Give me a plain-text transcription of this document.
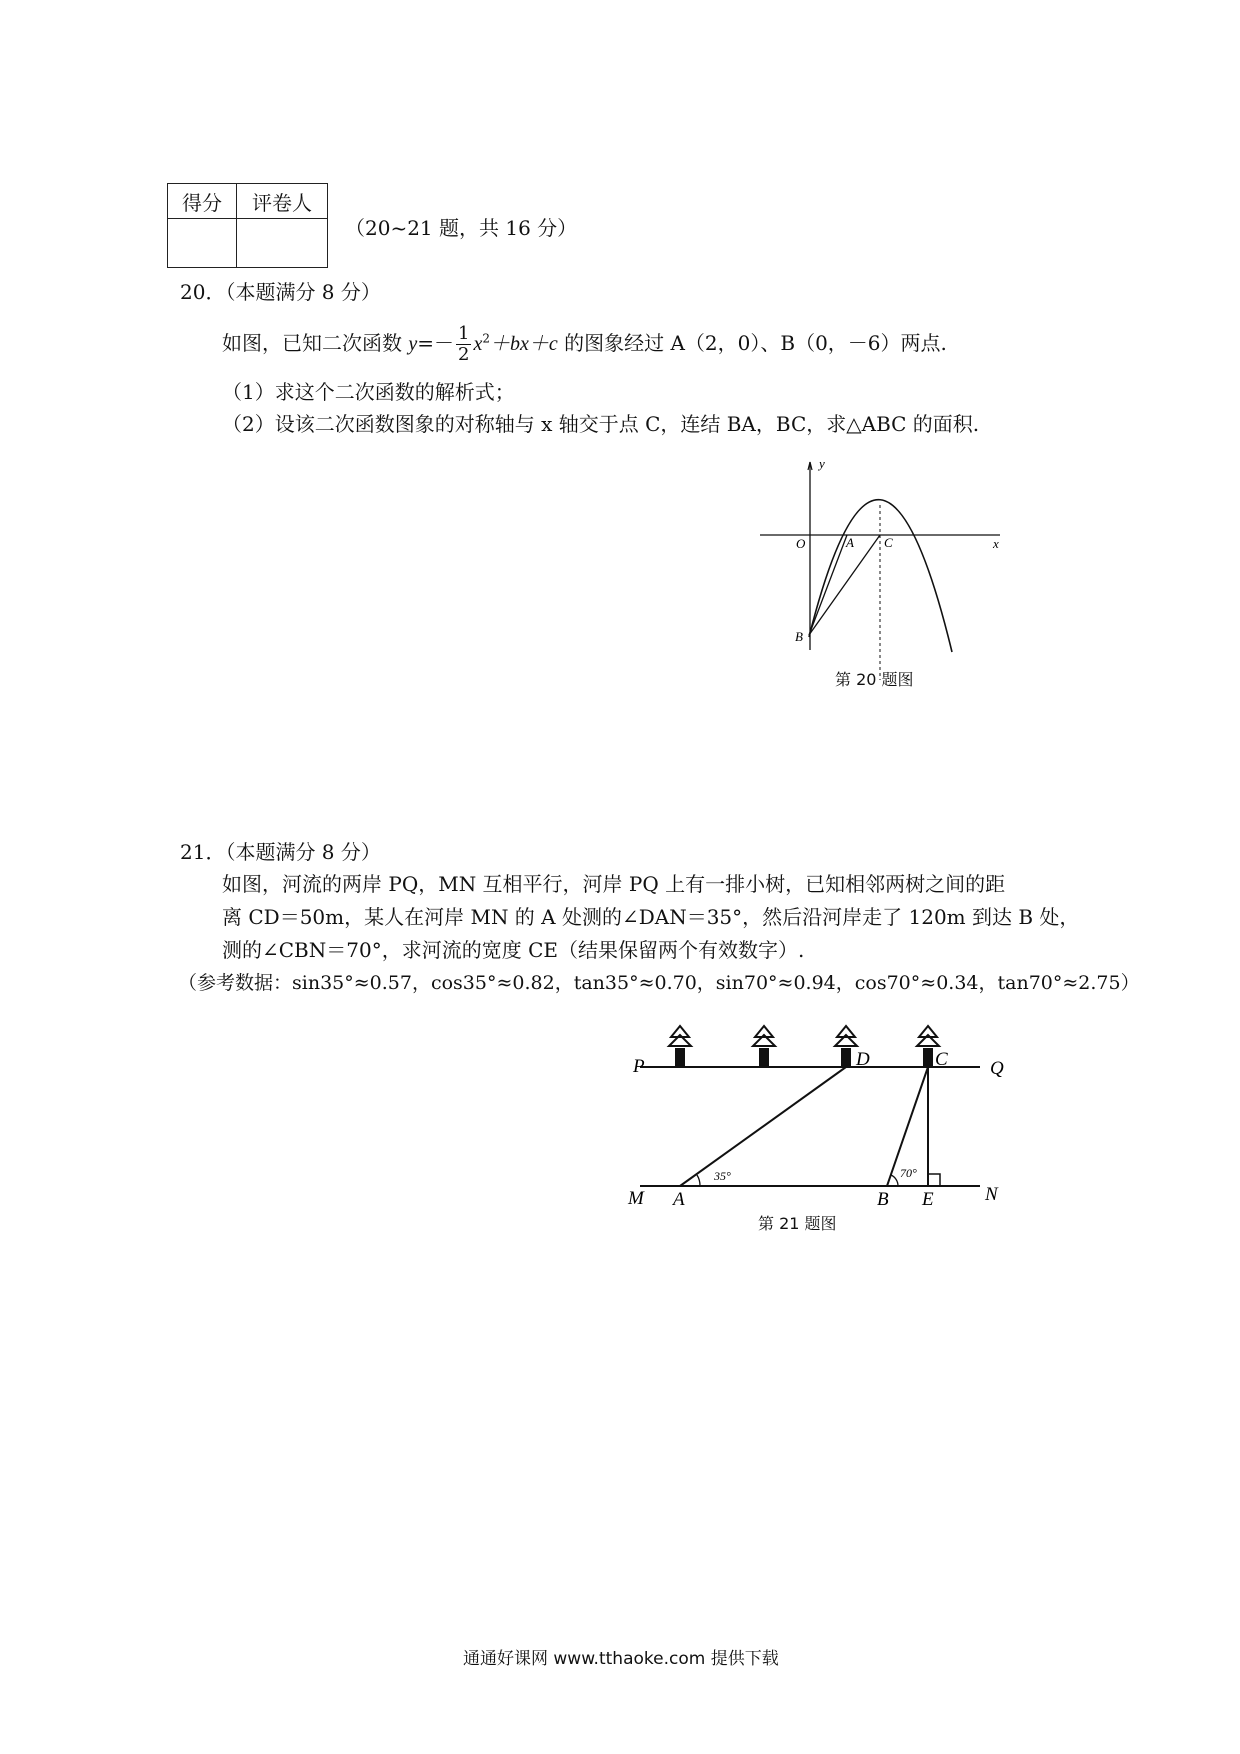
得分	评卷人

（20~21 题，共 16 分）
20．（本题满分 8 分）
如图，已知二次函数 $y=- \frac{1}{2} x^2+bx+c$ 的图象经过 A（2，0）、B（0，－6）两点.
（1）求这个二次函数的解析式；
（2）设该二次函数图象的对称轴与 x 轴交于点 C，连结 BA，BC，求△ABC 的面积.
y
x
O	A C
B
第 20 题图
21．（本题满分 8 分）
如图，河流的两岸 PQ，MN 互相平行，河岸 PQ 上有一排小树，已知相邻两树之间的距
离 CD＝50m，某人在河岸 MN 的 A 处测的∠DAN＝35°，然后沿河岸走了 120m 到达 B 处，
测的∠CBN＝70°，求河流的宽度 CE（结果保留两个有效数字）.
（参考数据：sin35°≈0.57，cos35°≈0.82，tan35°≈0.70，sin70°≈0.94，cos70°≈0.34，tan70°≈2.75）
P	Q
D	C
M A	B E	N
35°	70°
第 21 题图
通通好课网 www.tthaoke.com 提供下载
